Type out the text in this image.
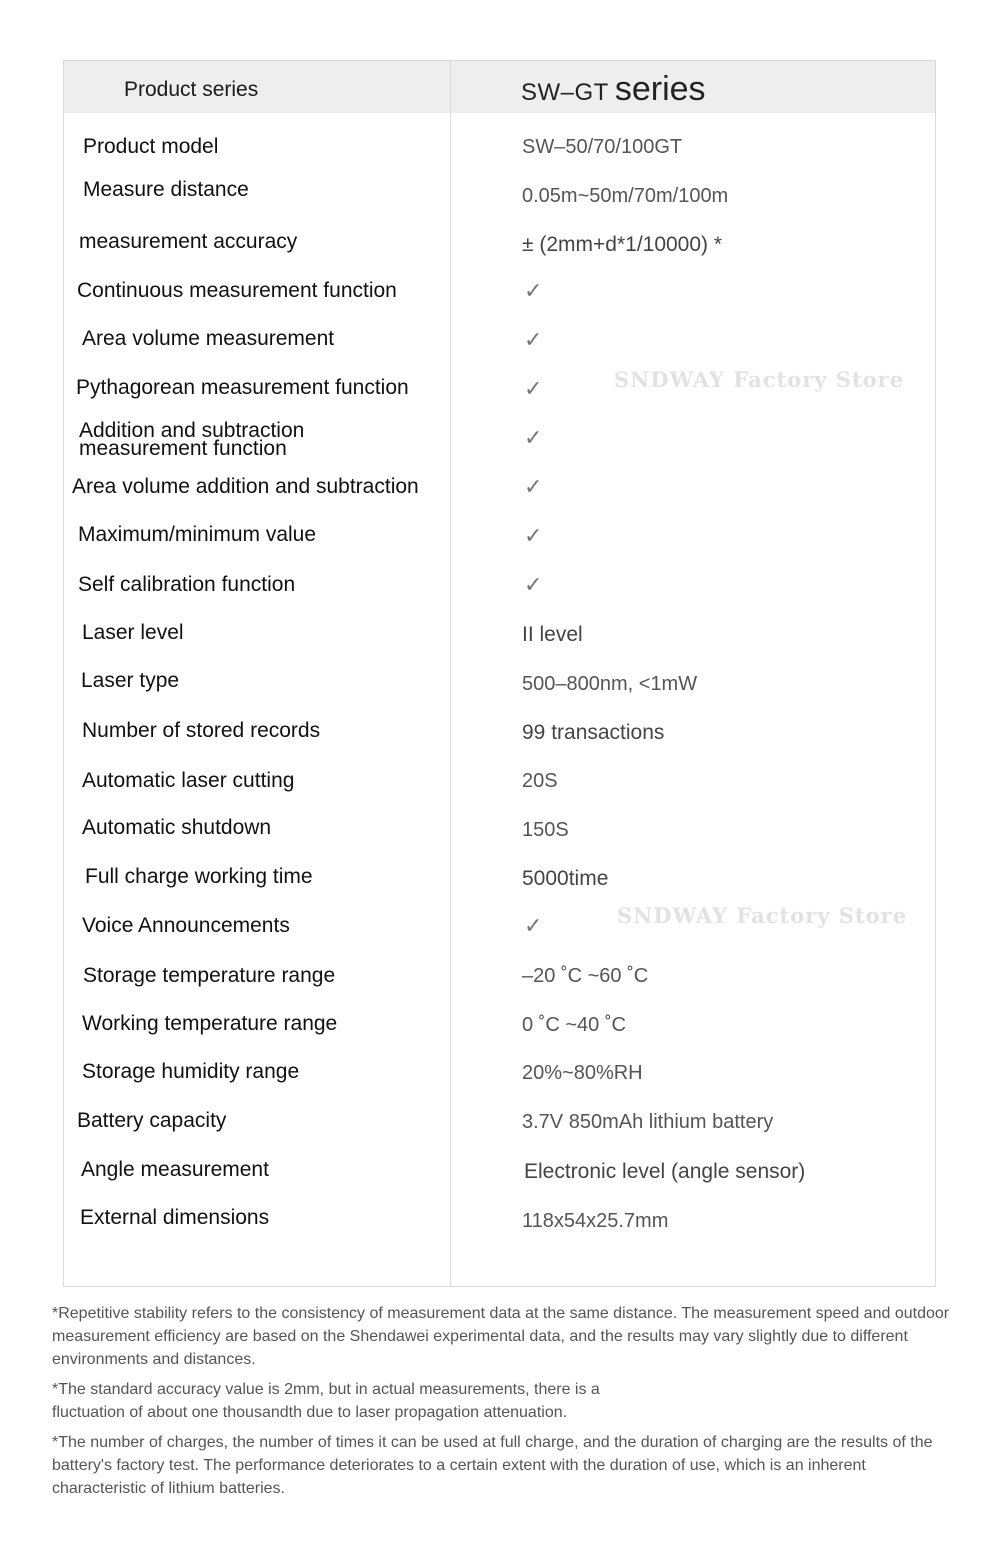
Product series	SW–GT series
Product model	SW–50/70/100GT
Measure distance	0.05m~50m/70m/100m
measurement accuracy	± (2mm+d*1/10000) *
Continuous measurement function	✓
Area volume measurement	✓
Pythagorean measurement function	✓
Addition and subtraction
measurement function	✓
Area volume addition and subtraction	✓
Maximum/minimum value	✓
Self calibration function	✓
Laser level	II level
Laser type	500–800nm, <1mW
Number of stored records	99 transactions
Automatic laser cutting	20S
Automatic shutdown	150S
Full charge working time	5000time
Voice Announcements	✓
Storage temperature range	–20 ˚C ~60 ˚C
Working temperature range	0 ˚C ~40 ˚C
Storage humidity range	20%~80%RH
Battery capacity	3.7V 850mAh lithium battery
Angle measurement	Electronic level (angle sensor)
External dimensions	118x54x25.7mm
SNDWAY Factory Store
SNDWAY Factory Store

*Repetitive stability refers to the consistency of measurement data at the same distance. The measurement speed and outdoor measurement efficiency are based on the Shendawei experimental data, and the results may vary slightly due to different environments and distances.

*The standard accuracy value is 2mm, but in actual measurements, there is a fluctuation of about one thousandth due to laser propagation attenuation.

*The number of charges, the number of times it can be used at full charge, and the duration of charging are the results of the battery's factory test. The performance deteriorates to a certain extent with the duration of use, which is an inherent characteristic of lithium batteries.
